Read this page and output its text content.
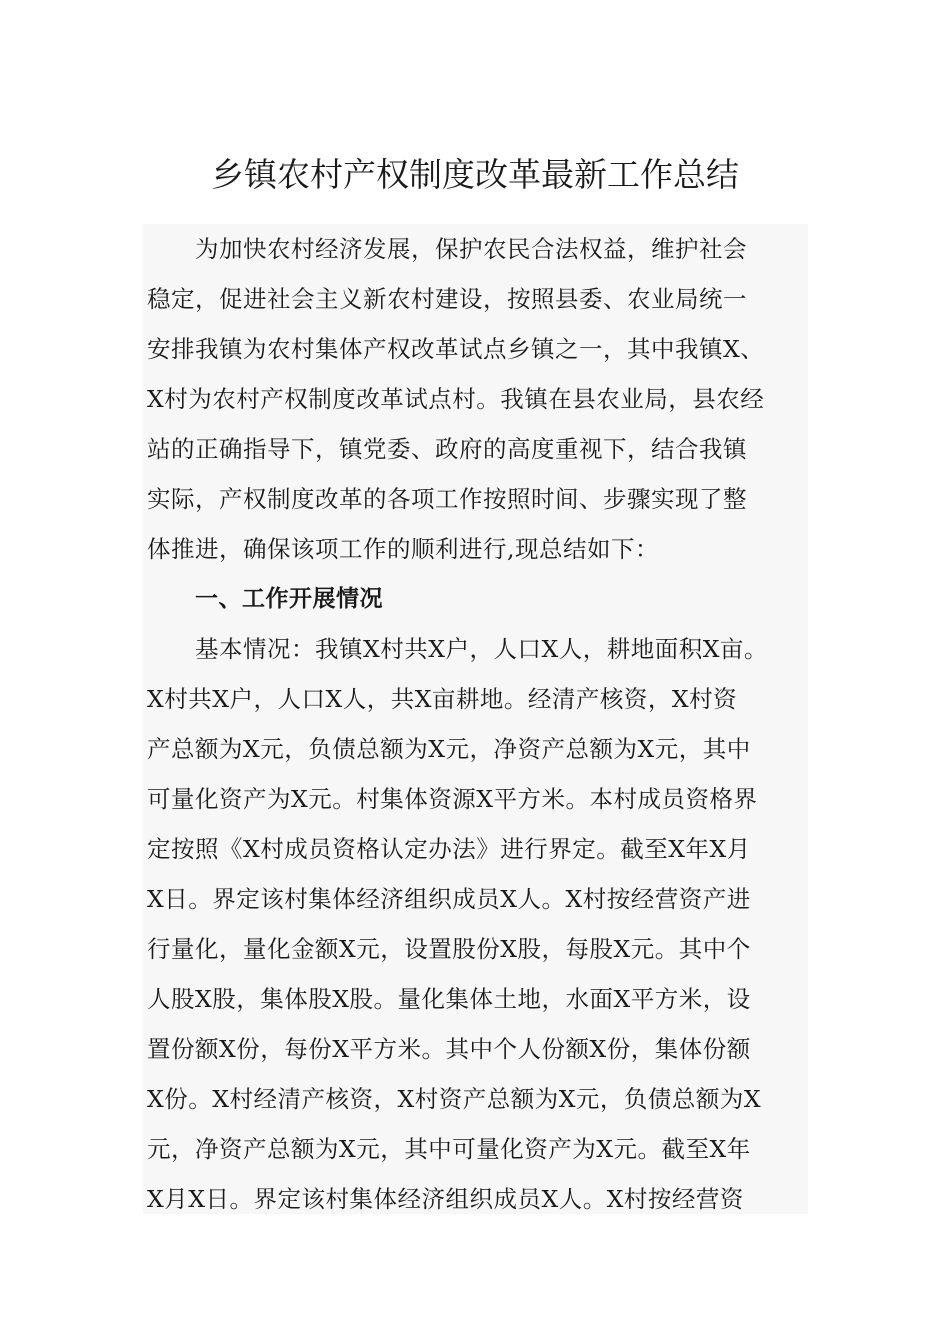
乡镇农村产权制度改革最新工作总结
为加快农村经济发展，保护农民合法权益，维护社会
稳定，促进社会主义新农村建设，按照县委、农业局统一
安排我镇为农村集体产权改革试点乡镇之一，其中我镇X、
X村为农村产权制度改革试点村。我镇在县农业局，县农经
站的正确指导下，镇党委、政府的高度重视下，结合我镇
实际，产权制度改革的各项工作按照时间、步骤实现了整
体推进，确保该项工作的顺利进行,现总结如下：
一、工作开展情况
基本情况：我镇X村共X户，人口X人，耕地面积X亩。
X村共X户，人口X人，共X亩耕地。经清产核资，X村资
产总额为X元，负债总额为X元，净资产总额为X元，其中
可量化资产为X元。村集体资源X平方米。本村成员资格界
定按照《X村成员资格认定办法》进行界定。截至X年X月
X日。界定该村集体经济组织成员X人。X村按经营资产进
行量化，量化金额X元，设置股份X股，每股X元。其中个
人股X股，集体股X股。量化集体土地，水面X平方米，设
置份额X份，每份X平方米。其中个人份额X份，集体份额
X份。X村经清产核资，X村资产总额为X元，负债总额为X
元，净资产总额为X元，其中可量化资产为X元。截至X年
X月X日。界定该村集体经济组织成员X人。X村按经营资
